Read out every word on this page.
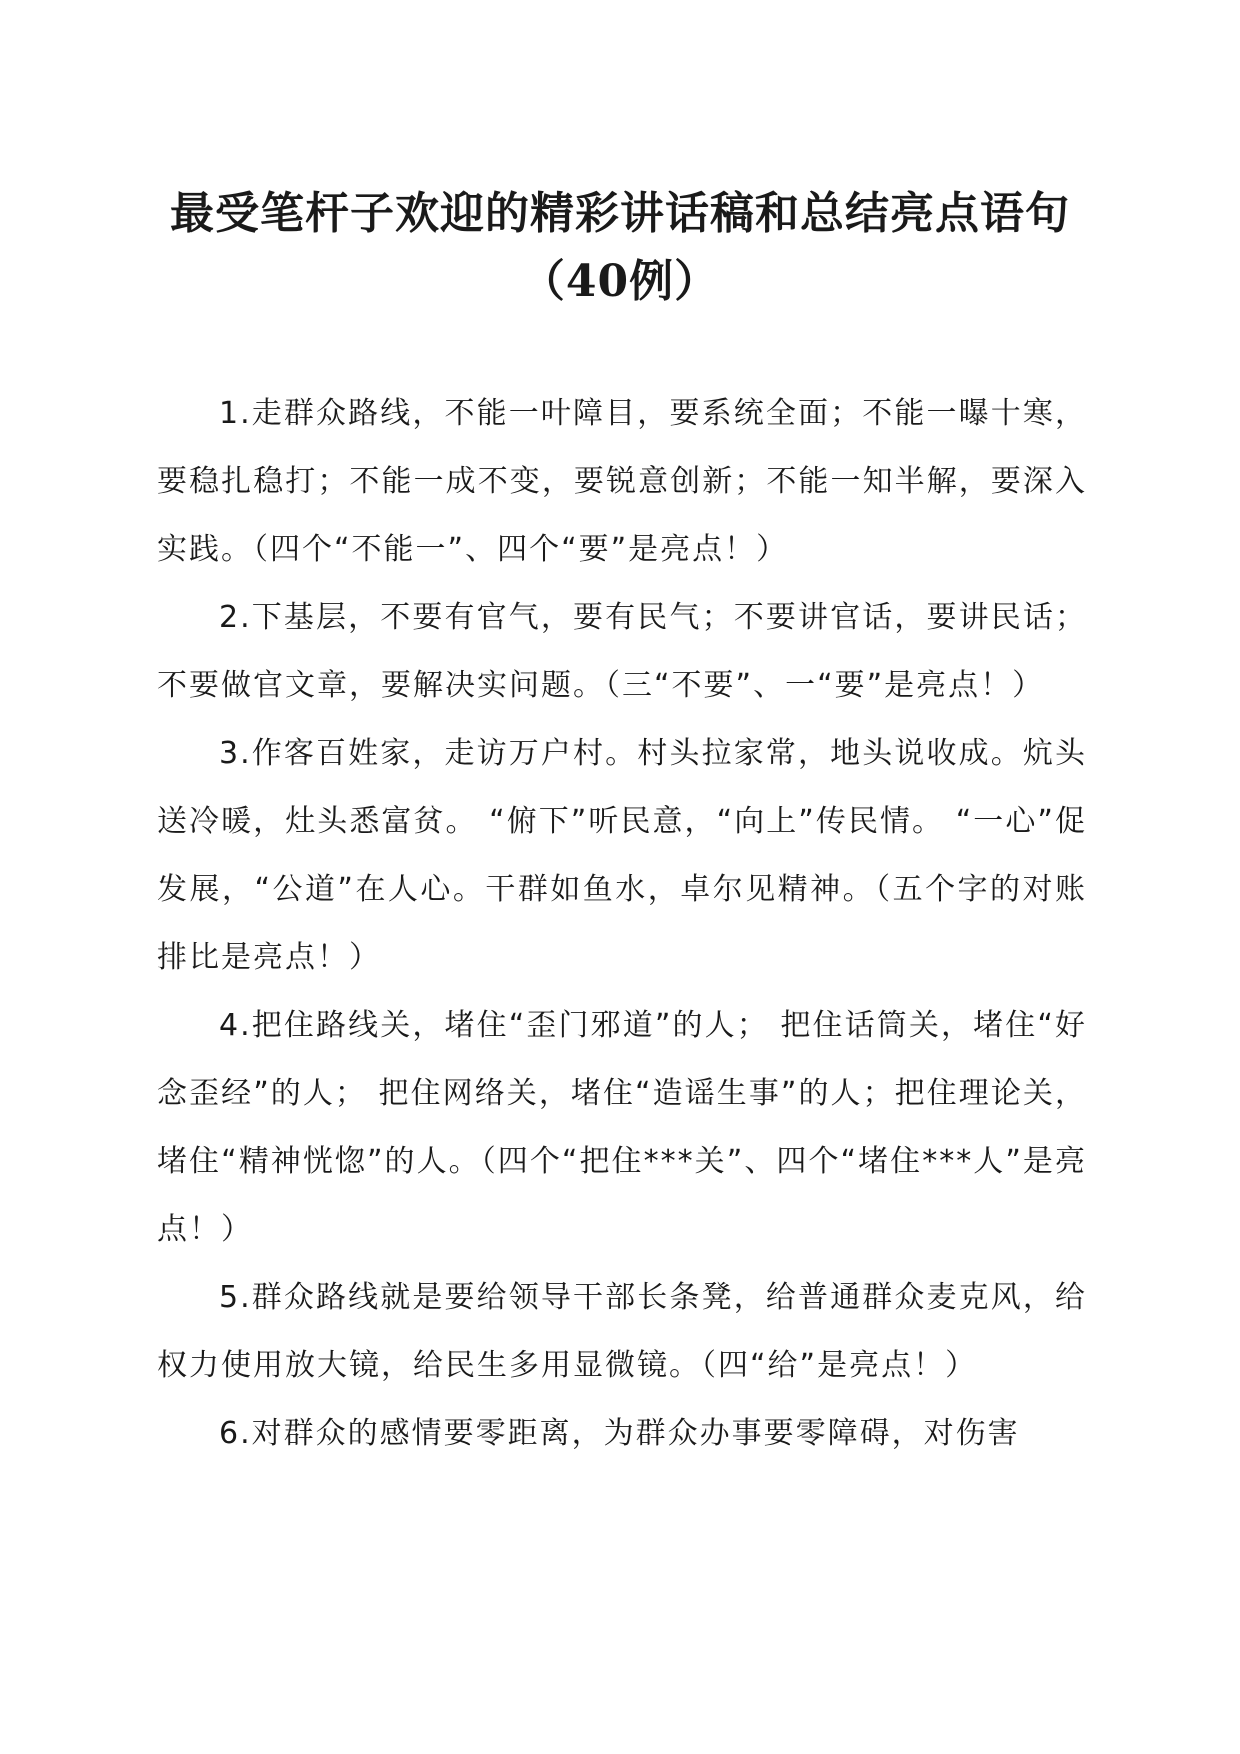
最受笔杆子欢迎的精彩讲话稿和总结亮点语句
（40例）

1.走群众路线，不能一叶障目，要系统全面；不能一曝十寒，要稳扎稳打；不能一成不变，要锐意创新；不能一知半解，要深入实践。（四个“不能一”、四个“要”是亮点！）

2.下基层，不要有官气，要有民气；不要讲官话，要讲民话；不要做官文章，要解决实问题。（三“不要”、一“要”是亮点！）

3.作客百姓家，走访万户村。村头拉家常，地头说收成。炕头送冷暖，灶头悉富贫。 “俯下”听民意，“向上”传民情。 “一心”促发展，“公道”在人心。干群如鱼水，卓尔见精神。（五个字的对账排比是亮点！）

4.把住路线关，堵住“歪门邪道”的人； 把住话筒关，堵住“好念歪经”的人； 把住网络关，堵住“造谣生事”的人；把住理论关，堵住“精神恍惚”的人。（四个“把住***关”、四个“堵住***人”是亮点！）

5.群众路线就是要给领导干部长条凳，给普通群众麦克风，给权力使用放大镜，给民生多用显微镜。（四“给”是亮点！）

6.对群众的感情要零距离，为群众办事要零障碍，对伤害
